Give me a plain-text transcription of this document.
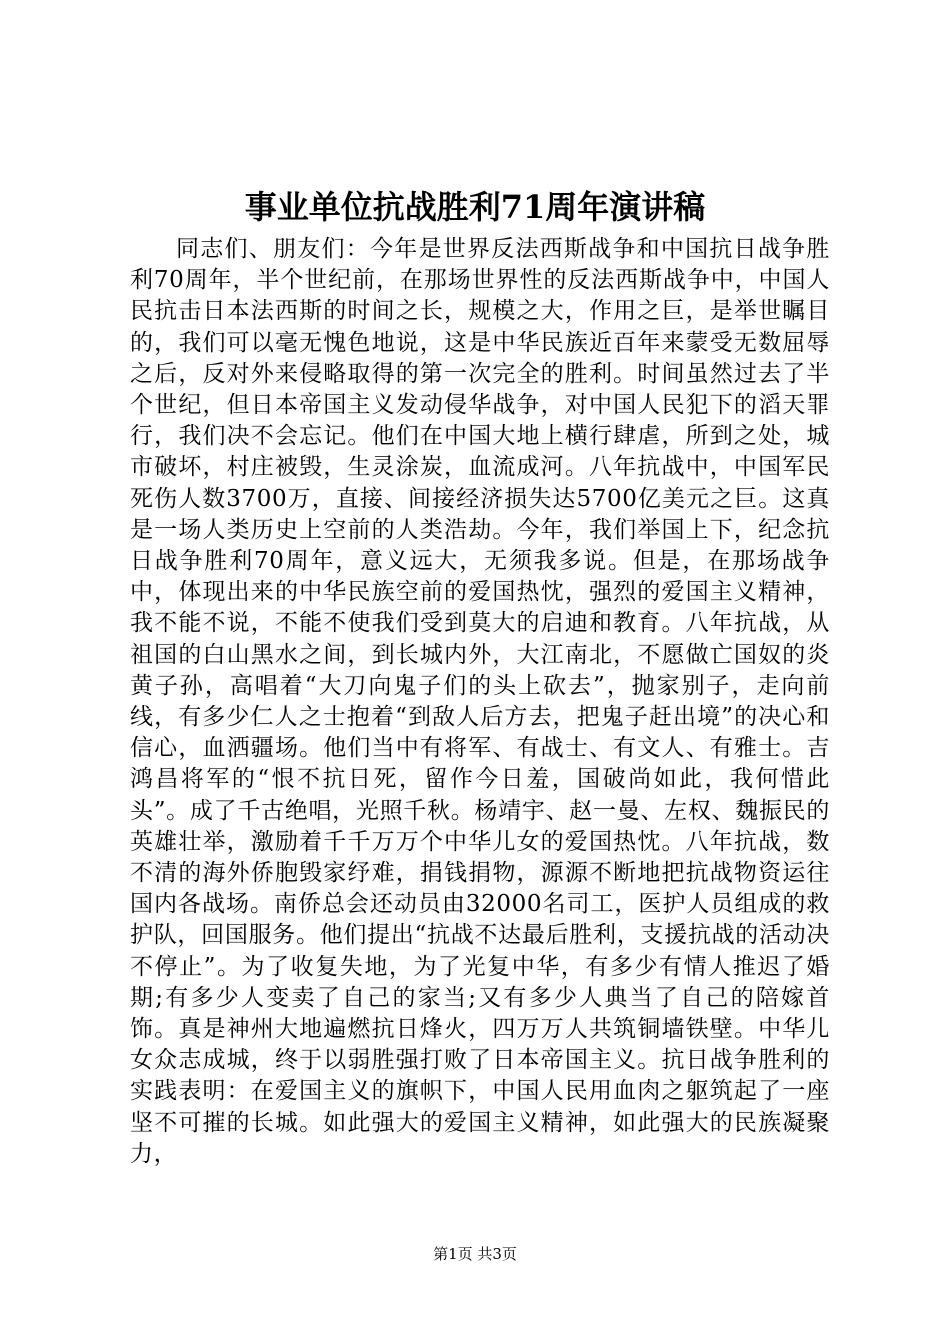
事业单位抗战胜利71周年演讲稿

同志们、朋友们：今年是世界反法西斯战争和中国抗日战争胜利70周年，半个世纪前，在那场世界性的反法西斯战争中，中国人民抗击日本法西斯的时间之长，规模之大，作用之巨，是举世瞩目的，我们可以毫无愧色地说，这是中华民族近百年来蒙受无数屈辱之后，反对外来侵略取得的第一次完全的胜利。时间虽然过去了半个世纪，但日本帝国主义发动侵华战争，对中国人民犯下的滔天罪行，我们决不会忘记。他们在中国大地上横行肆虐，所到之处，城市破坏，村庄被毁，生灵涂炭，血流成河。八年抗战中，中国军民死伤人数3700万，直接、间接经济损失达5700亿美元之巨。这真是一场人类历史上空前的人类浩劫。今年，我们举国上下，纪念抗日战争胜利70周年，意义远大，无须我多说。但是，在那场战争中，体现出来的中华民族空前的爱国热忱，强烈的爱国主义精神，我不能不说，不能不使我们受到莫大的启迪和教育。八年抗战，从祖国的白山黑水之间，到长城内外，大江南北，不愿做亡国奴的炎黄子孙，高唱着“大刀向鬼子们的头上砍去”，抛家别子，走向前线，有多少仁人之士抱着“到敌人后方去，把鬼子赶出境”的决心和信心，血洒疆场。他们当中有将军、有战士、有文人、有雅士。吉鸿昌将军的“恨不抗日死，留作今日羞，国破尚如此，我何惜此头”。成了千古绝唱，光照千秋。杨靖宇、赵一曼、左权、魏振民的英雄壮举，激励着千千万万个中华儿女的爱国热忱。八年抗战，数不清的海外侨胞毁家纾难，捐钱捐物，源源不断地把抗战物资运往国内各战场。南侨总会还动员由32000名司工，医护人员组成的救护队，回国服务。他们提出“抗战不达最后胜利，支援抗战的活动决不停止”。为了收复失地，为了光复中华，有多少有情人推迟了婚期;有多少人变卖了自己的家当;又有多少人典当了自己的陪嫁首饰。真是神州大地遍燃抗日烽火，四万万人共筑铜墙铁壁。中华儿女众志成城，终于以弱胜强打败了日本帝国主义。抗日战争胜利的实践表明：在爱国主义的旗帜下，中国人民用血肉之躯筑起了一座坚不可摧的长城。如此强大的爱国主义精神，如此强大的民族凝聚力，

第1页 共3页
